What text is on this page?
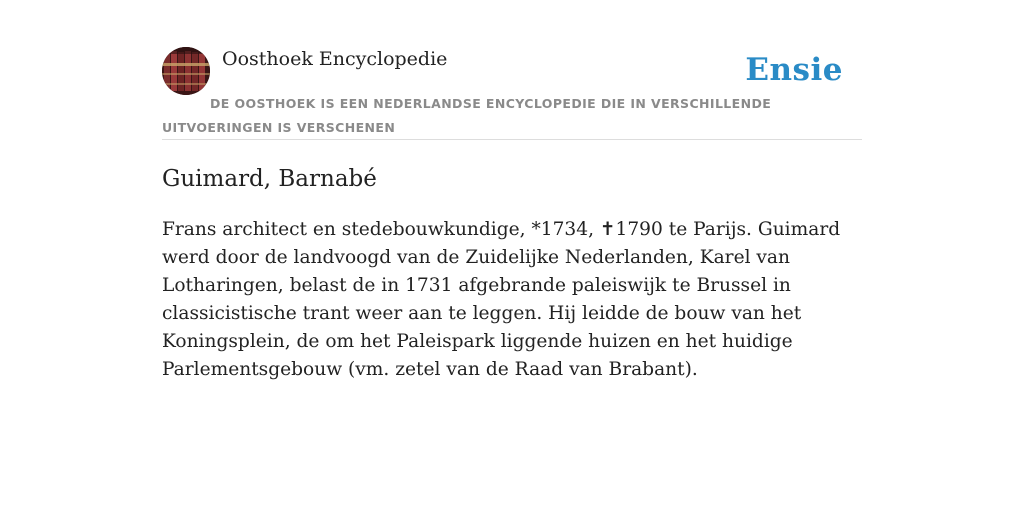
Oosthoek Encyclopedie	Ensie
DE OOSTHOEK IS EEN NEDERLANDSE ENCYCLOPEDIE DIE IN VERSCHILLENDE UITVOERINGEN IS VERSCHENEN
Guimard, Barnabé

Frans architect en stedebouwkundige, *1734, ✝1790 te Parijs. Guimard werd door de landvoogd van de Zuidelijke Nederlanden, Karel van Lotharingen, belast de in 1731 afgebrande paleiswijk te Brussel in classicistische trant weer aan te leggen. Hij leidde de bouw van het Koningsplein, de om het Paleispark liggende huizen en het huidige Parlementsgebouw (vm. zetel van de Raad van Brabant).
